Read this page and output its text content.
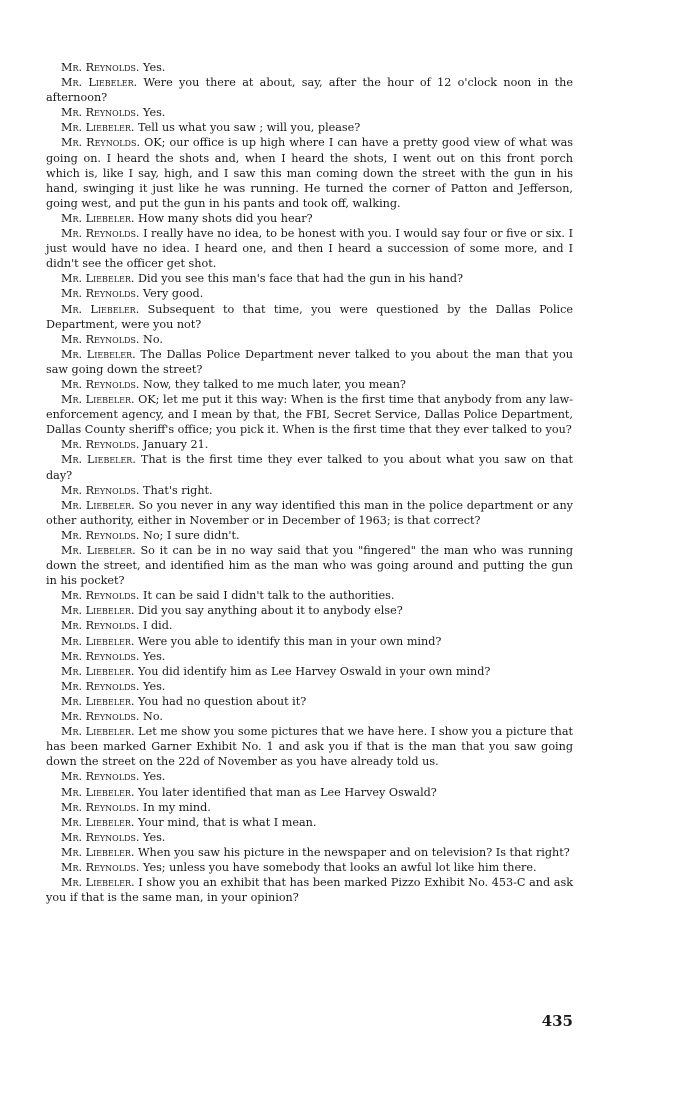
Mr. Reynolds. Yes.

Mr. Liebeler. Were you there at about, say, after the hour of 12 o'clock noon in the afternoon?

Mr. Reynolds. Yes.

Mr. Liebeler. Tell us what you saw ; will you, please?

Mr. Reynolds. OK; our office is up high where I can have a pretty good view of what was going on. I heard the shots and, when I heard the shots, I went out on this front porch which is, like I say, high, and I saw this man coming down the street with the gun in his hand, swinging it just like he was running. He turned the corner of Patton and Jefferson, going west, and put the gun in his pants and took off, walking.

Mr. Liebeler. How many shots did you hear?

Mr. Reynolds. I really have no idea, to be honest with you. I would say four or five or six. I just would have no idea. I heard one, and then I heard a succession of some more, and I didn't see the officer get shot.

Mr. Liebeler. Did you see this man's face that had the gun in his hand?

Mr. Reynolds. Very good.

Mr. Liebeler. Subsequent to that time, you were questioned by the Dallas Police Department, were you not?

Mr. Reynolds. No.

Mr. Liebeler. The Dallas Police Department never talked to you about the man that you saw going down the street?

Mr. Reynolds. Now, they talked to me much later, you mean?

Mr. Liebeler. OK; let me put it this way: When is the first time that anybody from any law-enforcement agency, and I mean by that, the FBI, Secret Service, Dallas Police Department, Dallas County sheriff's office; you pick it. When is the first time that they ever talked to you?

Mr. Reynolds. January 21.

Mr. Liebeler. That is the first time they ever talked to you about what you saw on that day?

Mr. Reynolds. That's right.

Mr. Liebeler. So you never in any way identified this man in the police department or any other authority, either in November or in December of 1963; is that correct?

Mr. Reynolds. No; I sure didn't.

Mr. Liebeler. So it can be in no way said that you "fingered" the man who was running down the street, and identified him as the man who was going around and putting the gun in his pocket?

Mr. Reynolds. It can be said I didn't talk to the authorities.

Mr. Liebeler. Did you say anything about it to anybody else?

Mr. Reynolds. I did.

Mr. Liebeler. Were you able to identify this man in your own mind?

Mr. Reynolds. Yes.

Mr. Liebeler. You did identify him as Lee Harvey Oswald in your own mind?

Mr. Reynolds. Yes.

Mr. Liebeler. You had no question about it?

Mr. Reynolds. No.

Mr. Liebeler. Let me show you some pictures that we have here. I show you a picture that has been marked Garner Exhibit No. 1 and ask you if that is the man that you saw going down the street on the 22d of November as you have already told us.

Mr. Reynolds. Yes.

Mr. Liebeler. You later identified that man as Lee Harvey Oswald?

Mr. Reynolds. In my mind.

Mr. Liebeler. Your mind, that is what I mean.

Mr. Reynolds. Yes.

Mr. Liebeler. When you saw his picture in the newspaper and on television? Is that right?

Mr. Reynolds. Yes; unless you have somebody that looks an awful lot like him there.

Mr. Liebeler. I show you an exhibit that has been marked Pizzo Exhibit No. 453-C and ask you if that is the same man, in your opinion?

435
